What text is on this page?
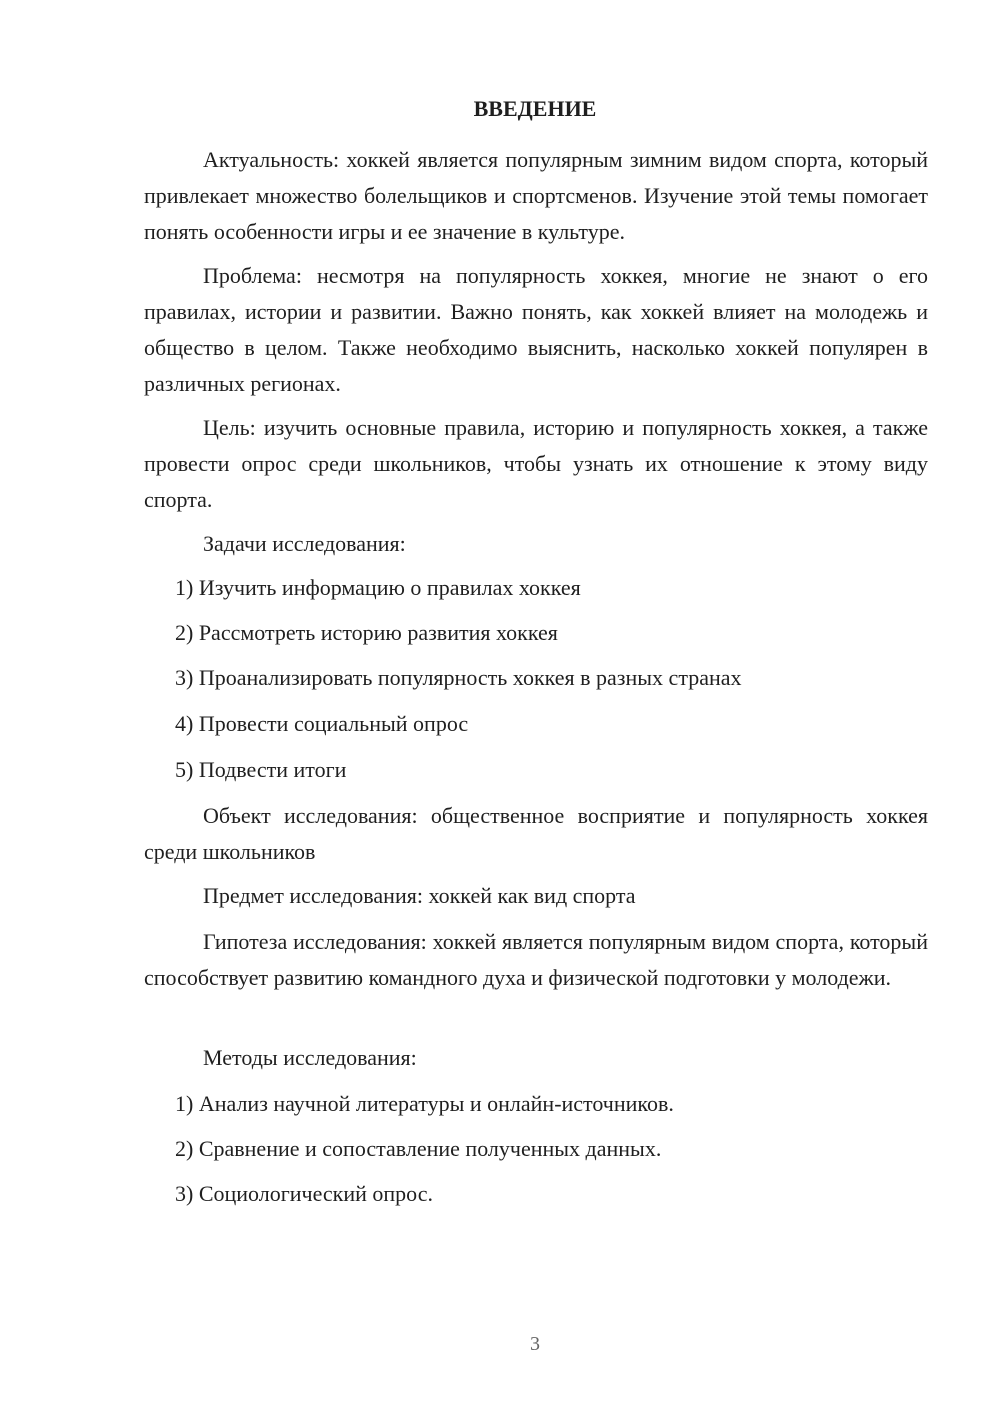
ВВЕДЕНИЕ

Актуальность: хоккей является популярным зимним видом спорта, который привлекает множество болельщиков и спортсменов. Изучение этой темы помогает понять особенности игры и ее значение в культуре.

Проблема: несмотря на популярность хоккея, многие не знают о его правилах, истории и развитии. Важно понять, как хоккей влияет на молодежь и общество в целом. Также необходимо выяснить, насколько хоккей популярен в различных регионах.

Цель: изучить основные правила, историю и популярность хоккея, а также провести опрос среди школьников, чтобы узнать их отношение к этому виду спорта.

Задачи исследования:

1) Изучить информацию о правилах хоккея

2) Рассмотреть историю развития хоккея

3) Проанализировать популярность хоккея в разных странах

4) Провести социальный опрос

5) Подвести итоги

Объект исследования: общественное восприятие и популярность хоккея среди школьников

Предмет исследования: хоккей как вид спорта

Гипотеза исследования: хоккей является популярным видом спорта, который способствует развитию командного духа и физической подготовки у молодежи.

Методы исследования:

1) Анализ научной литературы и онлайн-источников.

2) Сравнение и сопоставление полученных данных.

3) Социологический опрос.

3
